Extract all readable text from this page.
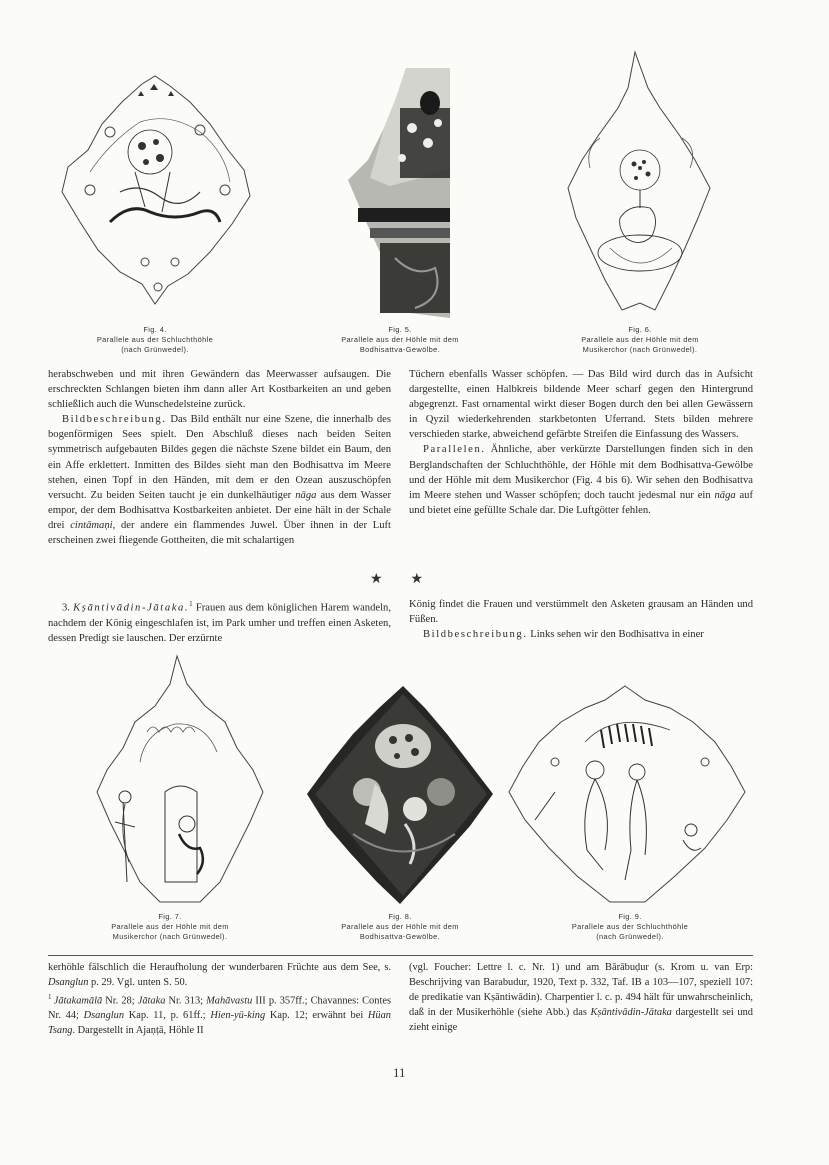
Fig. 4.
Parallele aus der Schluchthöhle
(nach Grünwedel).
Fig. 5.
Parallele aus der Höhle mit dem
Bodhisattva-Gewölbe.
Fig. 6.
Parallele aus der Höhle mit dem
Musikerchor (nach Grünwedel).

herabschweben und mit ihren Gewändern das Meerwasser aufsaugen. Die erschreckten Schlangen bieten ihm dann aller Art Kostbarkeiten an und geben schließlich auch die Wunschedelsteine zurück.

Bildbeschreibung. Das Bild enthält nur eine Szene, die innerhalb des bogenförmigen Sees spielt. Den Abschluß dieses nach beiden Seiten symmetrisch aufgebauten Bildes gegen die nächste Szene bildet ein Baum, den ein Affe erklettert. Inmitten des Bildes sieht man den Bodhisattva im Meere stehen, einen Topf in den Händen, mit dem er den Ozean auszuschöpfen versucht. Zu beiden Seiten taucht je ein dunkelhäutiger nāga aus dem Wasser empor, der dem Bodhisattva Kostbarkeiten anbietet. Der eine hält in der Schale drei cintāmaṇi, der andere ein flammendes Juwel. Über ihnen in der Luft erscheinen zwei fliegende Gottheiten, die mit schalartigen

Tüchern ebenfalls Wasser schöpfen. — Das Bild wird durch das in Aufsicht dargestellte, einen Halbkreis bildende Meer scharf gegen den Hintergrund abgegrenzt. Fast ornamental wirkt dieser Bogen durch den bei allen Gewässern in Qyzil wiederkehrenden starkbetonten Uferrand. Stets bilden mehrere verschieden starke, abweichend gefärbte Streifen die Einfassung des Wassers.

Parallelen. Ähnliche, aber verkürzte Darstellungen finden sich in den Berglandschaften der Schluchthöhle, der Höhle mit dem Bodhisattva-Gewölbe und der Höhle mit dem Musikerchor (Fig. 4 bis 6). Wir sehen den Bodhisattva im Meere stehen und Wasser schöpfen; doch taucht jedesmal nur ein nāga auf und bietet eine gefüllte Schale dar. Die Luftgötter fehlen.

★        ★

3. Kṣāntivādin-Jātaka.$^1$ Frauen aus dem königlichen Harem wandeln, nachdem der König eingeschlafen ist, im Park umher und treffen einen Asketen, dessen Predigt sie lauschen. Der erzürnte

König findet die Frauen und verstümmelt den Asketen grausam an Händen und Füßen.

Bildbeschreibung. Links sehen wir den Bodhisattva in einer

Fig. 7.
Parallele aus der Höhle mit dem
Musikerchor (nach Grünwedel).
Fig. 8.
Parallele aus der Höhle mit dem
Bodhisattva-Gewölbe.
Fig. 9.
Parallele aus der Schluchthöhle
(nach Grünwedel).

kerhöhle fälschlich die Heraufholung der wunderbaren Früchte aus dem See, s. Dsanglun p. 29. Vgl. unten S. 50.

$^1$ Jātakamālā Nr. 28; Jātaka Nr. 313; Mahāvastu III p. 357ff.; Chavannes: Contes Nr. 44; Dsanglun Kap. 11, p. 61ff.; Hien-yü-king Kap. 12; erwähnt bei Hüan Tsang. Dargestellt in Ajaṇṭā, Höhle II

(vgl. Foucher: Lettre l. c. Nr. 1) und am Bārābuḍur (s. Krom u. van Erp: Beschrijving van Barabudur, 1920, Text p. 332, Taf. IB a 103—107, speziell 107: de predikatie van Kṣāntiwādin). Charpentier l. c. p. 494 hält für unwahrscheinlich, daß in der Musikerhöhle (siehe Abb.) das Kṣāntivādin-Jātaka dargestellt sei und zieht einige

11
